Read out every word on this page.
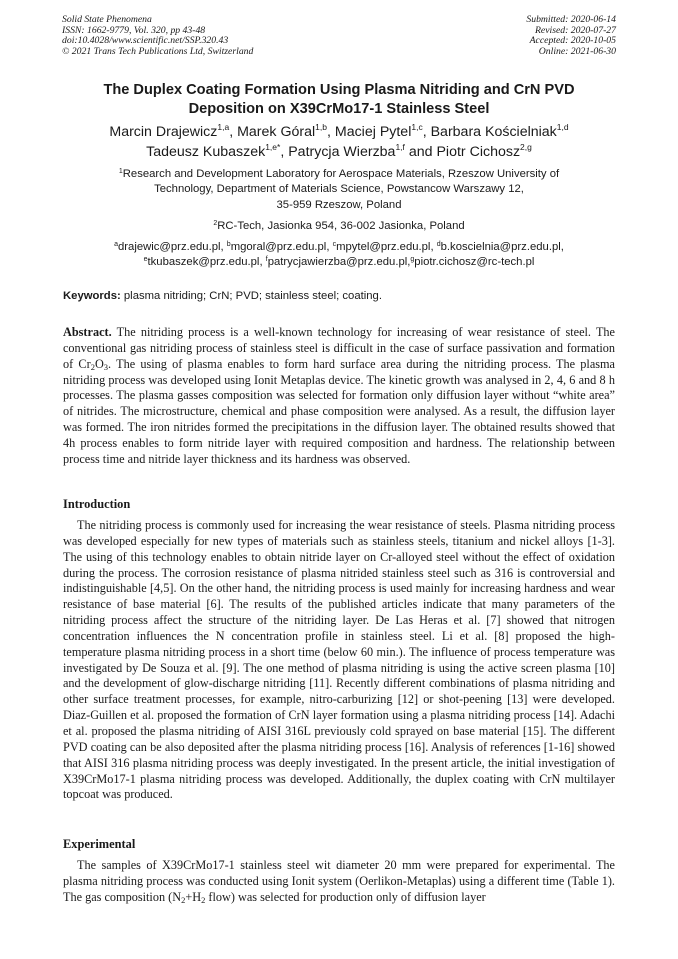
Solid State Phenomena
ISSN: 1662-9779, Vol. 320, pp 43-48
doi:10.4028/www.scientific.net/SSP.320.43
© 2021 Trans Tech Publications Ltd, Switzerland
Submitted: 2020-06-14
Revised: 2020-07-27
Accepted: 2020-10-05
Online: 2021-06-30
The Duplex Coating Formation Using Plasma Nitriding and CrN PVD
Deposition on X39CrMo17-1 Stainless Steel
Marcin Drajewicz$^{1,a}$, Marek Góral$^{1,b}$, Maciej Pytel$^{1,c}$, Barbara Kościelniak$^{1,d}$
Tadeusz Kubaszek$^{1,e*}$, Patrycja Wierzba$^{1,f}$ and Piotr Cichosz$^{2,g}$
$^1$Research and Development Laboratory for Aerospace Materials, Rzeszow University of
Technology, Department of Materials Science, Powstancow Warszawy 12,
35-959 Rzeszow, Poland
$^2$RC-Tech, Jasionka 954, 36-002 Jasionka, Poland
$^a$drajewic@prz.edu.pl, $^b$mgoral@prz.edu.pl, $^c$mpytel@prz.edu.pl, $^d$b.koscielnia@prz.edu.pl,
$^e$tkubaszek@prz.edu.pl, $^f$patrycjawierzba@prz.edu.pl,$^g$piotr.cichosz@rc-tech.pl
Keywords: plasma nitriding; CrN; PVD; stainless steel; coating.
Abstract. The nitriding process is a well-known technology for increasing of wear resistance of steel. The conventional gas nitriding process of stainless steel is difficult in the case of surface passivation and formation of $Cr_2O_3$. The using of plasma enables to form hard surface area during the nitriding process. The plasma nitriding process was developed using Ionit Metaplas device. The kinetic growth was analysed in 2, 4, 6 and 8 h processes. The plasma gasses composition was selected for formation only diffusion layer without “white area” of nitrides. The microstructure, chemical and phase composition were analysed. As a result, the diffusion layer was formed. The iron nitrides formed the precipitations in the diffusion layer. The obtained results showed that 4h process enables to form nitride layer with required composition and hardness. The relationship between process time and nitride layer thickness and its hardness was observed.
Introduction
The nitriding process is commonly used for increasing the wear resistance of steels. Plasma nitriding process was developed especially for new types of materials such as stainless steels, titanium and nickel alloys [1-3]. The using of this technology enables to obtain nitride layer on Cr-alloyed steel without the effect of oxidation during the process. The corrosion resistance of plasma nitrided stainless steel such as 316 is controversial and indistinguishable [4,5]. On the other hand, the nitriding process is used mainly for increasing hardness and wear resistance of base material [6]. The results of the published articles indicate that many parameters of the nitriding process affect the structure of the nitriding layer. De Las Heras et al. [7] showed that nitrogen concentration influences the N concentration profile in stainless steel. Li et al. [8] proposed the high-temperature plasma nitriding process in a short time (below 60 min.). The influence of process temperature was investigated by De Souza et al. [9]. The one method of plasma nitriding is using the active screen plasma [10] and the development of glow-discharge nitriding [11]. Recently different combinations of plasma nitriding and other surface treatment processes, for example, nitro-carburizing [12] or shot-peening [13] were developed. Diaz-Guillen et al. proposed the formation of CrN layer formation using a plasma nitriding process [14]. Adachi et al. proposed the plasma nitriding of AISI 316L previously cold sprayed on base material [15]. The different PVD coating can be also deposited after the plasma nitriding process [16]. Analysis of references [1-16] showed that AISI 316 plasma nitriding process was deeply investigated. In the present article, the initial investigation of X39CrMo17-1 plasma nitriding process was developed. Additionally, the duplex coating with CrN multilayer topcoat was produced.
Experimental
The samples of X39CrMo17-1 stainless steel wit diameter 20 mm were prepared for experimental. The plasma nitriding process was conducted using Ionit system (Oerlikon-Metaplas) using a different time (Table 1). The gas composition ($N_2+H_2$ flow) was selected for production only of diffusion layer
